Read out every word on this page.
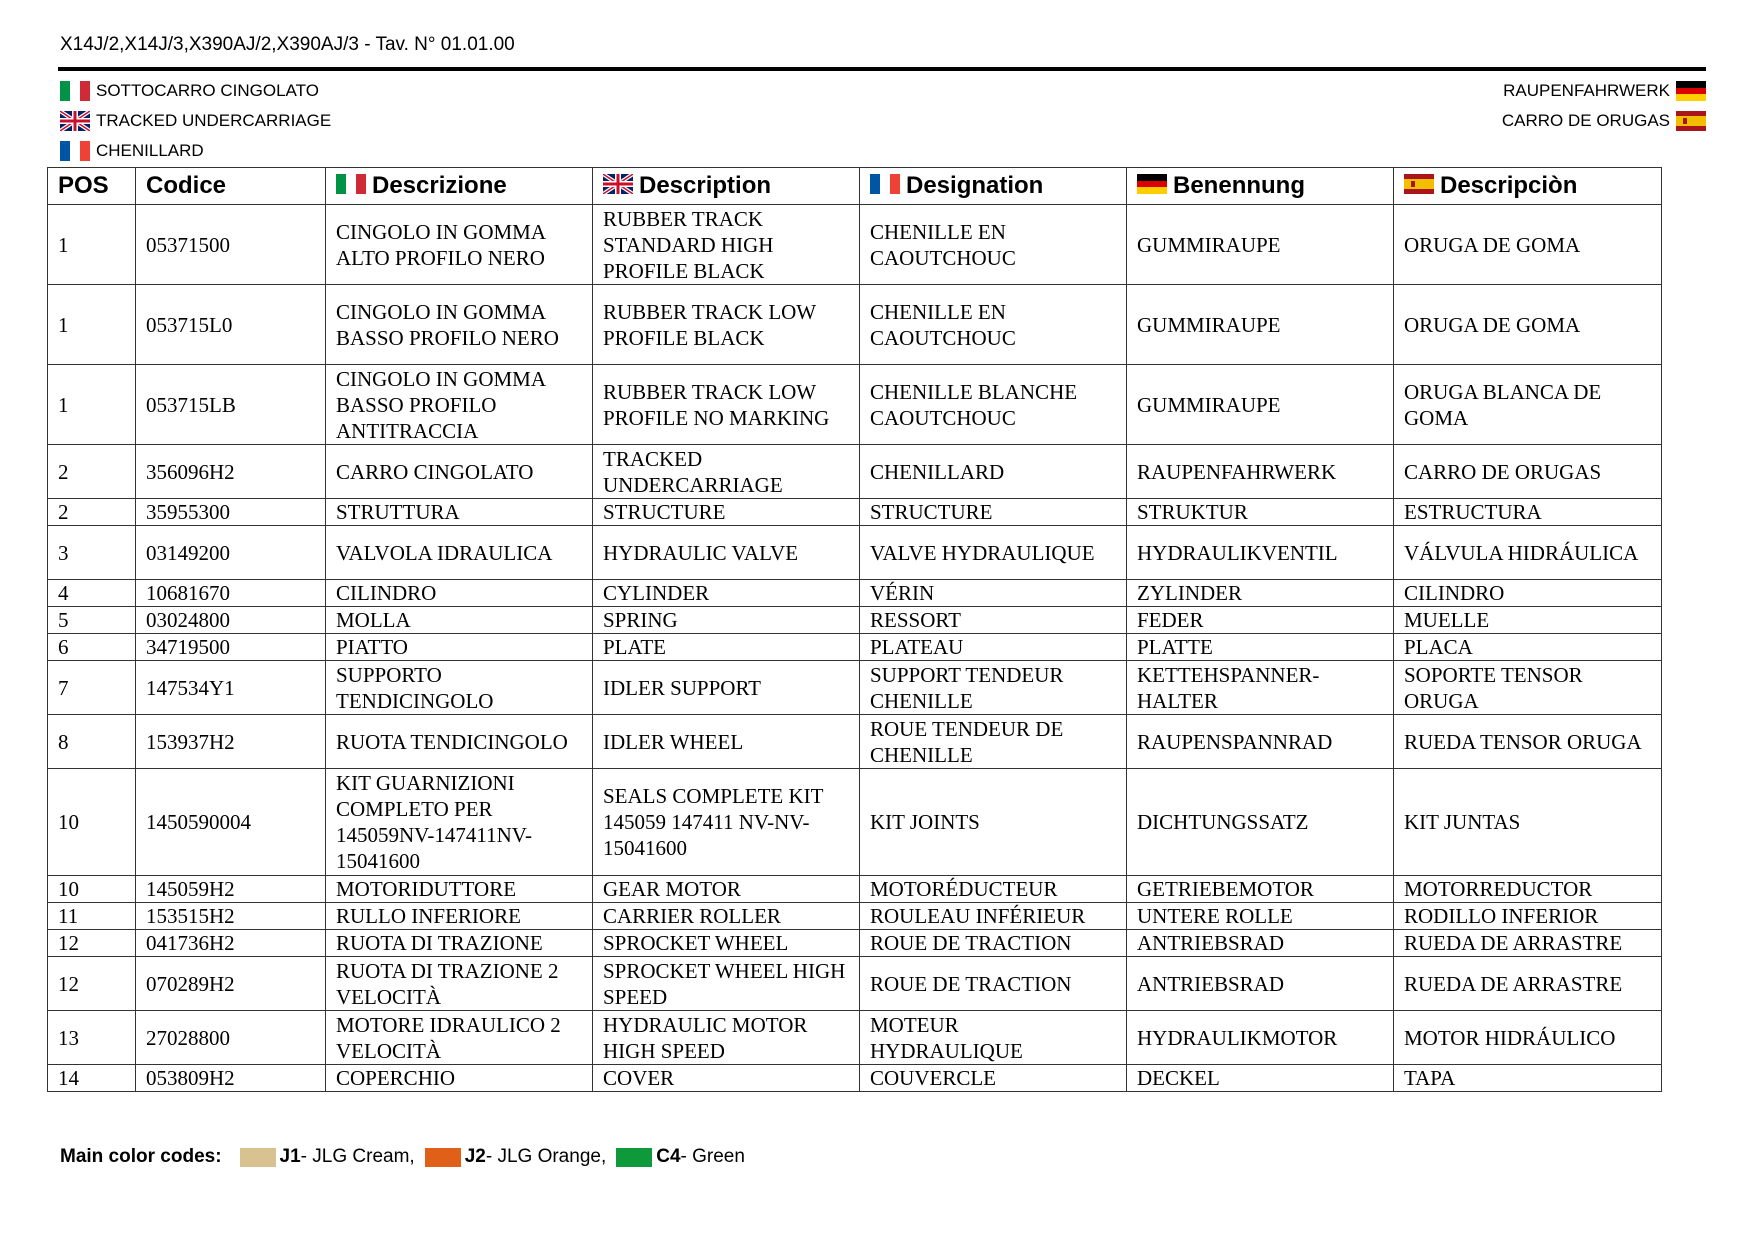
X14J/2,X14J/3,X390AJ/2,X390AJ/3 - Tav. N° 01.01.00
SOTTOCARRO CINGOLATO
TRACKED UNDERCARRIAGE
CHENILLARD
RAUPENFAHRWERK
CARRO DE ORUGAS
POS	Codice	Descrizione	Description	Designation	Benennung	Descripciòn
1	05371500	CINGOLO IN GOMMA ALTO PROFILO NERO	RUBBER TRACK STANDARD HIGH PROFILE BLACK	CHENILLE EN CAOUTCHOUC	GUMMIRAUPE	ORUGA DE GOMA
1	053715L0	CINGOLO IN GOMMA BASSO PROFILO NERO	RUBBER TRACK LOW PROFILE BLACK	CHENILLE EN CAOUTCHOUC	GUMMIRAUPE	ORUGA DE GOMA
1	053715LB	CINGOLO IN GOMMA BASSO PROFILO ANTITRACCIA	RUBBER TRACK LOW PROFILE NO MARKING	CHENILLE BLANCHE CAOUTCHOUC	GUMMIRAUPE	ORUGA BLANCA DE GOMA
2	356096H2	CARRO CINGOLATO	TRACKED UNDERCARRIAGE	CHENILLARD	RAUPENFAHRWERK	CARRO DE ORUGAS
2	35955300	STRUTTURA	STRUCTURE	STRUCTURE	STRUKTUR	ESTRUCTURA
3	03149200	VALVOLA IDRAULICA	HYDRAULIC VALVE	VALVE HYDRAULIQUE	HYDRAULIKVENTIL	VÁLVULA HIDRÁULICA
4	10681670	CILINDRO	CYLINDER	VÉRIN	ZYLINDER	CILINDRO
5	03024800	MOLLA	SPRING	RESSORT	FEDER	MUELLE
6	34719500	PIATTO	PLATE	PLATEAU	PLATTE	PLACA
7	147534Y1	SUPPORTO TENDICINGOLO	IDLER SUPPORT	SUPPORT TENDEUR CHENILLE	KETTEHSPANNER-HALTER	SOPORTE TENSOR ORUGA
8	153937H2	RUOTA TENDICINGOLO	IDLER WHEEL	ROUE TENDEUR DE CHENILLE	RAUPENSPANNRAD	RUEDA TENSOR ORUGA
10	1450590004	KIT GUARNIZIONI COMPLETO PER 145059NV-147411NV-15041600	SEALS COMPLETE KIT 145059 147411 NV-NV-15041600	KIT JOINTS	DICHTUNGSSATZ	KIT JUNTAS
10	145059H2	MOTORIDUTTORE	GEAR MOTOR	MOTORÉDUCTEUR	GETRIEBEMOTOR	MOTORREDUCTOR
11	153515H2	RULLO INFERIORE	CARRIER ROLLER	ROULEAU INFÉRIEUR	UNTERE ROLLE	RODILLO INFERIOR
12	041736H2	RUOTA DI TRAZIONE	SPROCKET WHEEL	ROUE DE TRACTION	ANTRIEBSRAD	RUEDA DE ARRASTRE
12	070289H2	RUOTA DI TRAZIONE 2 VELOCITÀ	SPROCKET WHEEL HIGH SPEED	ROUE DE TRACTION	ANTRIEBSRAD	RUEDA DE ARRASTRE
13	27028800	MOTORE IDRAULICO 2 VELOCITÀ	HYDRAULIC MOTOR HIGH SPEED	MOTEUR HYDRAULIQUE	HYDRAULIKMOTOR	MOTOR HIDRÁULICO
14	053809H2	COPERCHIO	COVER	COUVERCLE	DECKEL	TAPA
Main color codes:	J1 - JLG Cream,	J2 - JLG Orange,	C4 - Green
